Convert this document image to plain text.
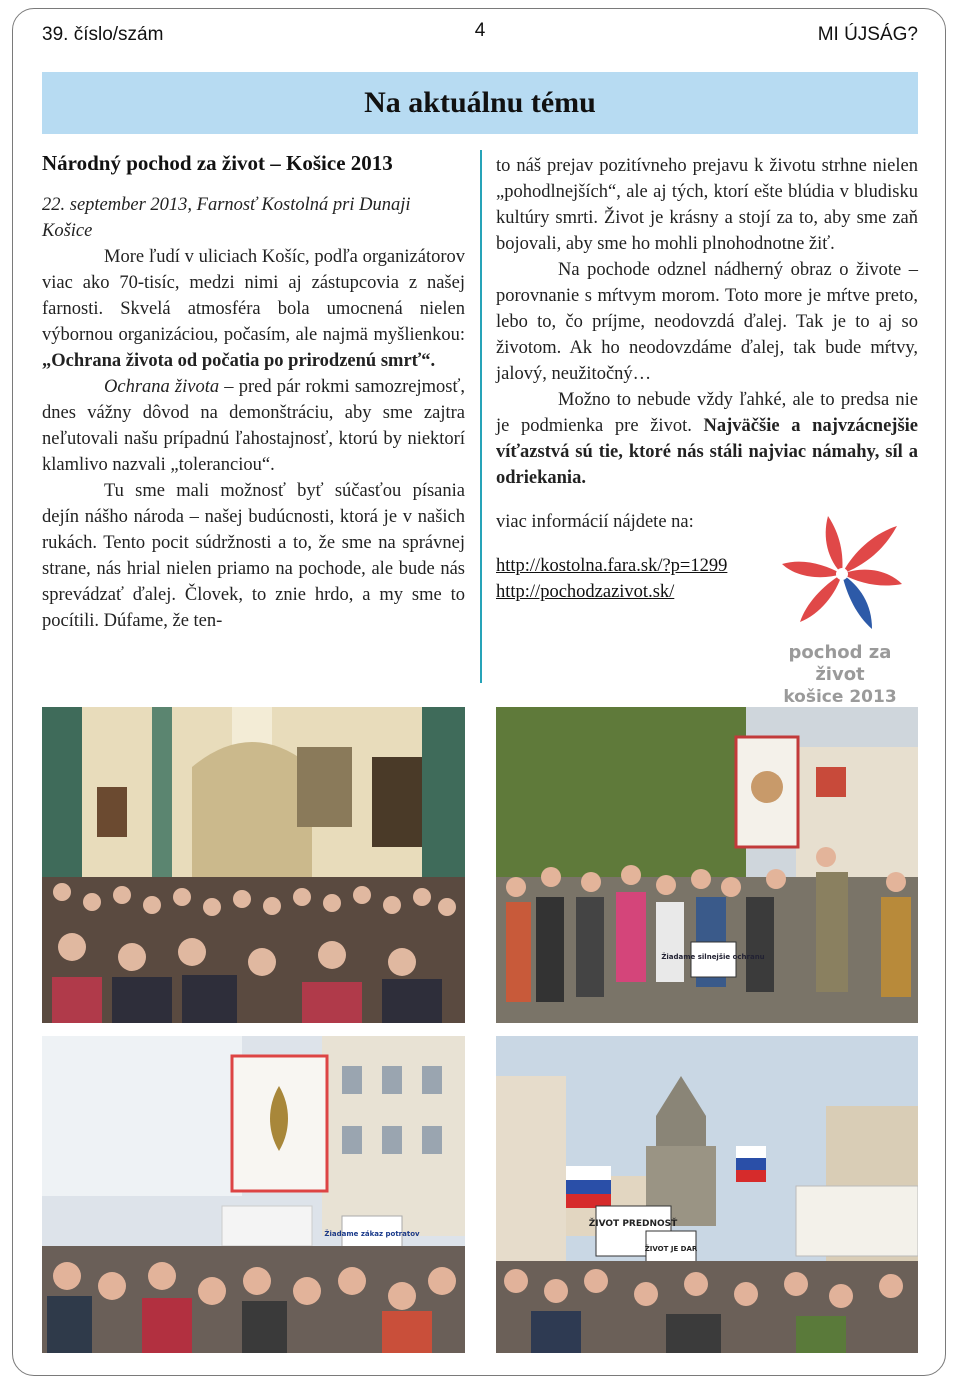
39. číslo/szám	4	MI ÚJSÁG?
Na aktuálnu tému

Národný pochod za život – Košice 2013

22. september 2013, Farnosť Kostolná pri Dunaji Košice

More ľudí v uliciach Košíc, podľa organizátorov viac ako 70-tisíc, medzi nimi aj zástupcovia z našej farnosti. Skvelá atmosféra bola umocnená nielen výbornou organizáciou, počasím, ale najmä myšlienkou: „Ochrana života od počatia po prirodzenú smrť“.

Ochrana života – pred pár rokmi samozrejmosť, dnes vážny dôvod na demonštráciu, aby sme zajtra neľutovali našu prípadnú ľahostajnosť, ktorú by niektorí klamlivo nazvali „toleranciou“.

Tu sme mali možnosť byť súčasťou písania dejín nášho národa – našej budúcnosti, ktorá je v našich rukách. Tento pocit súdržnosti a to, že sme na správnej strane, nás hrial nielen priamo na pochode, ale bude nás sprevádzať ďalej. Človek, to znie hrdo, a my sme to pocítili. Dúfame, že ten-

to náš prejav pozitívneho prejavu k životu strhne nielen „pohodlnejších“, ale aj tých, ktorí ešte blúdia v bludisku kultúry smrti. Život je krásny a stojí za to, aby sme zaň bojovali, aby sme ho mohli plnohodnotne žiť.

Na pochode odznel nádherný obraz o živote – porovnanie s mŕtvym morom. Toto more je mŕtve preto, lebo to, čo príjme, neodovzdá ďalej. Tak je to aj so životom. Ak ho neodovzdáme ďalej, tak bude mŕtvy, jalový, neužitočný…

Možno to nebude vždy ľahké, ale to predsa nie je podmienka pre život. Najväčšie a najvzácnejšie víťazstvá sú tie, ktoré nás stáli najviac námahy, síl a odriekania.

viac informácií nájdete na:

http://kostolna.fara.sk/?p=1299
http://pochodzazivot.sk/
pochod za život
košice 2013
Žiadame silnejšie ochranu
Žiadame zákaz potratov
ŽIVOT PREDNOSŤ
ŽIVOT JE DAR
